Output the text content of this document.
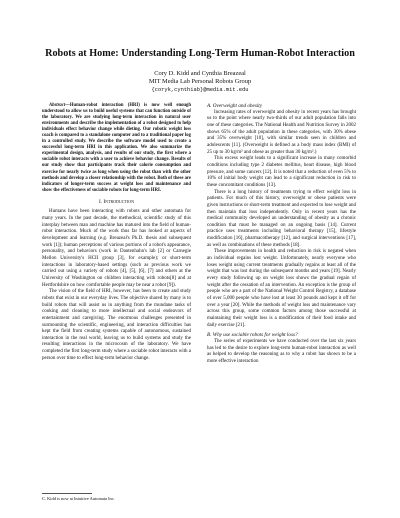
Robots at Home: Understanding Long-Term Human-Robot Interaction
Cory D. Kidd and Cynthia Breazeal
MIT Media Lab Personal Robots Group
{coryk,cynthiab}@media.mit.edu

Abstract—Human-robot interaction (HRI) is now well enough understood to allow us to build useful systems that can function outside of the laboratory. We are studying long-term interaction in natural user environments and describe the implementation of a robot designed to help individuals effect behavior change while dieting. Our robotic weight loss coach is compared to a standalone computer and to a traditional paper log in a controlled study. We describe the software model used to create a successful long-term HRI in this application. We also summarize the experimental design, analysis, and results of our study, the first where a sociable robot interacts with a user to achieve behavior change. Results of our study show that participants track their calorie consumption and exercise for nearly twice as long when using the robot than with the other methods and develop a closer relationship with the robot. Both of these are indicators of longer-term success at weight loss and maintenance and show the effectiveness of sociable robots for long-term HRI.

I. Introduction

Humans have been interacting with robots and other automata for many years. In the past decade, the methodical, scientific study of this interplay between man and machine has matured into the field of human-robot interaction. Much of the work thus far has looked at aspects of development and learning (e.g. Breazeal's Ph.D. thesis and subsequent work [1]); human perceptions of various portions of a robot's appearance, personality, and behaviors (work in Dautenhahn's lab [2] or Carnegie Mellon University's HCII group [3], for example); or short-term interactions in laboratory-based settings (such as previous work we carried out using a variety of robots [4], [5], [6], [7] and others at the University of Washington on children interacting with robots[8] and at Hertfordshire on how comfortable people may be near a robot [9]).

The vision of the field of HRI, however, has been to create and study robots that exist in our everyday lives. The objective shared by many is to build robots that will assist us in anything from the mundane tasks of cooking and cleaning to more intellectual and social endeavors of entertainment and caregiving. The enormous challenges presented in surmounting the scientific, engineering, and interaction difficulties has kept the field from creating systems capable of autonomous, sustained interaction in the real world, leaving us to build systems and study the resulting interactions in the microcosm of the laboratory. We have completed the first long-term study where a sociable robot interacts with a person over time to effect long-term behavior change.

C. Kidd is now at Intuitive Automata Inc.

A. Overweight and obesity

Increasing rates of overweight and obesity in recent years has brought us to the point where nearly two-thirds of our adult population falls into one of these categories. The National Health and Nutrition Survey in 2002 shows 65% of the adult population in these categories, with 30% obese and 35% overweight [10], with similar trends seen in children and adolescents [11]. (Overweight is defined as a body mass index (BMI) of 25 up to 30 kg/m² and obese as greater than 30 kg/m².)

This excess weight leads to a significant increase in many comorbid conditions including type 2 diabetes mellitus, heart disease, high blood pressure, and some cancers [12]. It is noted that a reduction of even 5% to 10% of initial body weight can lead to a significant reduction in risk to these concomitant conditions [13].

There is a long history of treatments trying to effect weight loss in patients. For much of this history, overweight or obese patients were given instructions or short-term treatment and expected to lose weight and then maintain that loss independently. Only in recent years has the medical community developed an understanding of obesity as a chronic condition that must be managed on an ongoing basis [14]. Current practice uses treatments including behavioral therapy [15], lifestyle modification [16], pharmacotherapy [12], and surgical interventions [17], as well as combinations of these methods [18].

These improvements in health and reduction in risk is negated when an individual regains lost weight. Unfortunately, nearly everyone who loses weight using current treatments gradually regains at least all of the weight that was lost during the subsequent months and years [19]. Nearly every study following up on weight loss shows the gradual regain of weight after the cessation of an intervention. An exception is the group of people who are a part of the National Weight Control Registry, a database of over 5,000 people who have lost at least 30 pounds and kept it off for over a year [20]. While the methods of weight loss and maintenance vary across this group, some common factors among those successful at maintaining their weight loss is a modification of their food intake and daily exercise [21].

B. Why use sociable robots for weight loss?

The series of experiments we have conducted over the last six years has led to the desire to explore long-term human-robot interaction as well as helped to develop the reasoning as to why a robot has shown to be a more effective interaction
